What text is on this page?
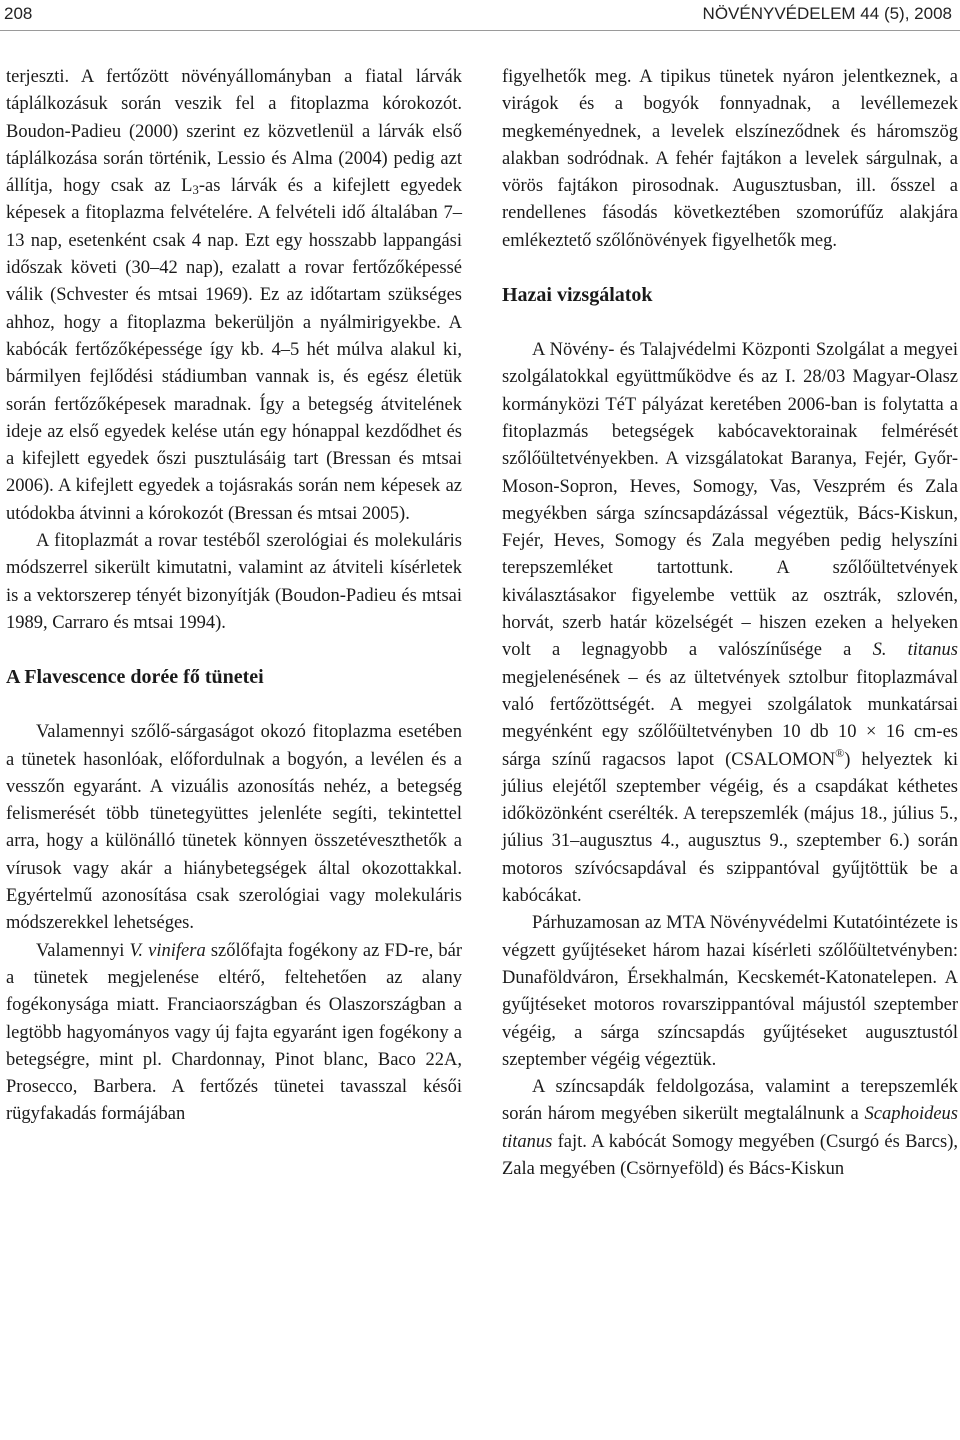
208	NÖVÉNYVÉDELEM 44 (5), 2008

terjeszti. A fertőzött növényállományban a fiatal lárvák táplálkozásuk során veszik fel a fitoplazma kórokozót. Boudon-Padieu (2000) szerint ez közvetlenül a lárvák első táplálkozása során történik, Lessio és Alma (2004) pedig azt állítja, hogy csak az $L_3-as$ lárvák és a kifejlett egyedek képesek a fitoplazma felvételére. A felvételi idő általában 7–13 nap, esetenként csak 4 nap. Ezt egy hosszabb lappangási időszak követi (30–42 nap), ezalatt a rovar fertőzőképessé válik (Schvester és mtsai 1969). Ez az időtartam szükséges ahhoz, hogy a fitoplazma bekerüljön a nyálmirigyekbe. A kabócák fertőzőképessége így kb. 4–5 hét múlva alakul ki, bármilyen fejlődési stádiumban vannak is, és egész életük során fertőzőképesek maradnak. Így a betegség átvitelének ideje az első egyedek kelése után egy hónappal kezdődhet és a kifejlett egyedek őszi pusztulásáig tart (Bressan és mtsai 2006). A kifejlett egyedek a tojásrakás során nem képesek az utódokba átvinni a kórokozót (Bressan és mtsai 2005).

A fitoplazmát a rovar testéből szerológiai és molekuláris módszerrel sikerült kimutatni, valamint az átviteli kísérletek is a vektorszerep tényét bizonyítják (Boudon-Padieu és mtsai 1989, Carraro és mtsai 1994).

A Flavescence dorée fő tünetei

Valamennyi szőlő-sárgaságot okozó fitoplazma esetében a tünetek hasonlóak, előfordulnak a bogyón, a levélen és a vesszőn egyaránt. A vizuális azonosítás nehéz, a betegség felismerését több tünetegyüttes jelenléte segíti, tekintettel arra, hogy a különálló tünetek könnyen összetéveszthetők a vírusok vagy akár a hiánybetegségek által okozottakkal. Egyértelmű azonosítása csak szerológiai vagy molekuláris módszerekkel lehetséges.

Valamennyi V. vinifera szőlőfajta fogékony az FD-re, bár a tünetek megjelenése eltérő, feltehetően az alany fogékonysága miatt. Franciaországban és Olaszországban a legtöbb hagyományos vagy új fajta egyaránt igen fogékony a betegségre, mint pl. Chardonnay, Pinot blanc, Baco 22A, Prosecco, Barbera. A fertőzés tünetei tavasszal késői rügyfakadás formájában

figyelhetők meg. A tipikus tünetek nyáron jelentkeznek, a virágok és a bogyók fonnyadnak, a levéllemezek megkeményednek, a levelek elszíneződnek és háromszög alakban sodródnak. A fehér fajtákon a levelek sárgulnak, a vörös fajtákon pirosodnak. Augusztusban, ill. ősszel a rendellenes fásodás következtében szomorúfűz alakjára emlékeztető szőlőnövények figyelhetők meg.

Hazai vizsgálatok

A Növény- és Talajvédelmi Központi Szolgálat a megyei szolgálatokkal együttműködve és az I. 28/03 Magyar-Olasz kormányközi TéT pályázat keretében 2006-ban is folytatta a fitoplazmás betegségek kabócavektorainak felmérését szőlőültetvényekben. A vizsgálatokat Baranya, Fejér, Győr-Moson-Sopron, Heves, Somogy, Vas, Veszprém és Zala megyékben sárga színcsapdázással végeztük, Bács-Kiskun, Fejér, Heves, Somogy és Zala megyében pedig helyszíni terepszemléket tartottunk. A szőlőültetvények kiválasztásakor figyelembe vettük az osztrák, szlovén, horvát, szerb határ közelségét – hiszen ezeken a helyeken volt a legnagyobb a valószínűsége a S. titanus megjelenésének – és az ültetvények sztolbur fitoplazmával való fertőzöttségét. A megyei szolgálatok munkatársai megyénként egy szőlőültetvényben 10 db 10 × 16 cm-es sárga színű ragacsos lapot (CSALOMON®) helyeztek ki július elejétől szeptember végéig, és a csapdákat kéthetes időközönként cserélték. A terepszemlék (május 18., július 5., július 31–augusztus 4., augusztus 9., szeptember 6.) során motoros szívócsapdával és szippantóval gyűjtöttük be a kabócákat.

Párhuzamosan az MTA Növényvédelmi Kutatóintézete is végzett gyűjtéseket három hazai kísérleti szőlőültetvényben: Dunaföldváron, Érsekhalmán, Kecskemét-Katonatelepen. A gyűjtéseket motoros rovarszippantóval májustól szeptember végéig, a sárga színcsapdás gyűjtéseket augusztustól szeptember végéig végeztük.

A színcsapdák feldolgozása, valamint a terepszemlék során három megyében sikerült megtalálnunk a Scaphoideus titanus fajt. A kabócát Somogy megyében (Csurgó és Barcs), Zala megyében (Csörnyeföld) és Bács-Kiskun
